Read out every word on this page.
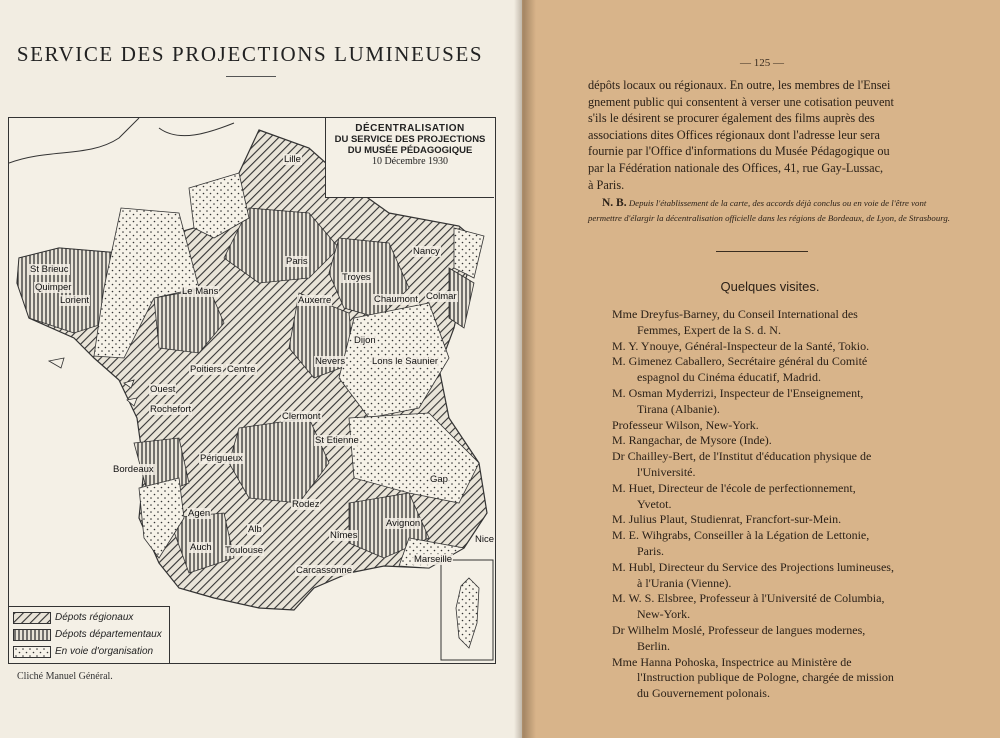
SERVICE DES PROJECTIONS LUMINEUSES
DÉCENTRALISATION
DU SERVICE DES PROJECTIONS
DU MUSÉE PÉDAGOGIQUE
10 Décembre 1930
Lille
Paris
Nancy
St Brieuc
Quimper
Lorient
Le Mans
Troyes
Chaumont Colmar
Auxerre
Dijon
Nevers	Lons le Saunier
Poitiers Centre
Ouest
Rochefort
Clermont
St Etienne
Bordeaux
Périgueux
Rodez
Agen
Gap
Alb
Auch Toulouse
Nîmes
Avignon
Nice
Marseille
Carcassonne
Dépots régionaux
Dépots départementaux
En voie d'organisation
Cliché Manuel Général.
— 125 —
dépôts locaux ou régionaux. En outre, les membres de l'Ensei
gnement public qui consentent à verser une cotisation peuvent
s'ils le désirent se procurer également des films auprès des
associations dites Offices régionaux dont l'adresse leur sera
fournie par l'Office d'informations du Musée Pédagogique ou
par la Fédération nationale des Offices, 41, rue Gay-Lussac,
à Paris.
N. B. Depuis l'établissement de la carte, des accords déjà conclus ou en voie de l'être vont permettre d'élargir la décentralisation officielle dans les régions de Bordeaux, de Lyon, de Strasbourg.
Quelques visites.
Mme Dreyfus-Barney, du Conseil International des
Femmes, Expert de la S. d. N.
M. Y. Ynouye, Général-Inspecteur de la Santé, Tokio.
M. Gimenez Caballero, Secrétaire général du Comité
espagnol du Cinéma éducatif, Madrid.
M. Osman Myderrizi, Inspecteur de l'Enseignement,
Tirana (Albanie).
Professeur Wilson, New-York.
M. Rangachar, de Mysore (Inde).
Dr Chailley-Bert, de l'Institut d'éducation physique de
l'Université.
M. Huet, Directeur de l'école de perfectionnement,
Yvetot.
M. Julius Plaut, Studienrat, Francfort-sur-Mein.
M. E. Wihgrabs, Conseiller à la Légation de Lettonie,
Paris.
M. Hubl, Directeur du Service des Projections lumineuses,
à l'Urania (Vienne).
M. W. S. Elsbree, Professeur à l'Université de Columbia,
New-York.
Dr Wilhelm Moslé, Professeur de langues modernes,
Berlin.
Mme Hanna Pohoska, Inspectrice au Ministère de
l'Instruction publique de Pologne, chargée de mission
du Gouvernement polonais.
